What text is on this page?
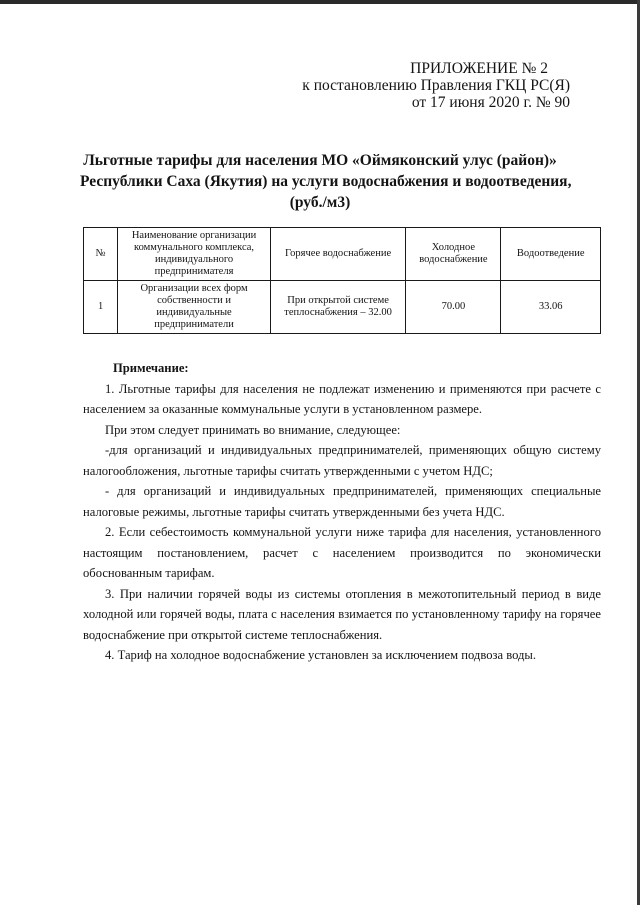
ПРИЛОЖЕНИЕ № 2
к постановлению Правления ГКЦ РС(Я)
от 17 июня 2020 г. № 90
Льготные тарифы для населения МО «Оймяконский улус (район)»
Республики Саха (Якутия) на услуги водоснабжения и водоотведения,
(руб./м3)
№	Наименование организации коммунального комплекса, индивидуального предпринимателя	Горячее водоснабжение	Холодное водоснабжение	Водоотведение
1	Организации всех форм собственности и индивидуальные предприниматели	При открытой системе теплоснабжения – 32.00	70.00	33.06

Примечание:

1. Льготные тарифы для населения не подлежат изменению и применяются при расчете с населением за оказанные коммунальные услуги в установленном размере.

При этом следует принимать во внимание, следующее:

-для организаций и индивидуальных предпринимателей, применяющих общую систему налогообложения, льготные тарифы считать утвержденными с учетом НДС;

- для организаций и индивидуальных предпринимателей, применяющих специальные налоговые режимы, льготные тарифы считать утвержденными без учета НДС.

2. Если себестоимость коммунальной услуги ниже тарифа для населения, установленного настоящим постановлением, расчет с населением производится по экономически обоснованным тарифам.

3. При наличии горячей воды из системы отопления в межотопительный период в виде холодной или горячей воды, плата с населения взимается по установленному тарифу на горячее водоснабжение при открытой системе теплоснабжения.

4. Тариф на холодное водоснабжение установлен за исключением подвоза воды.
